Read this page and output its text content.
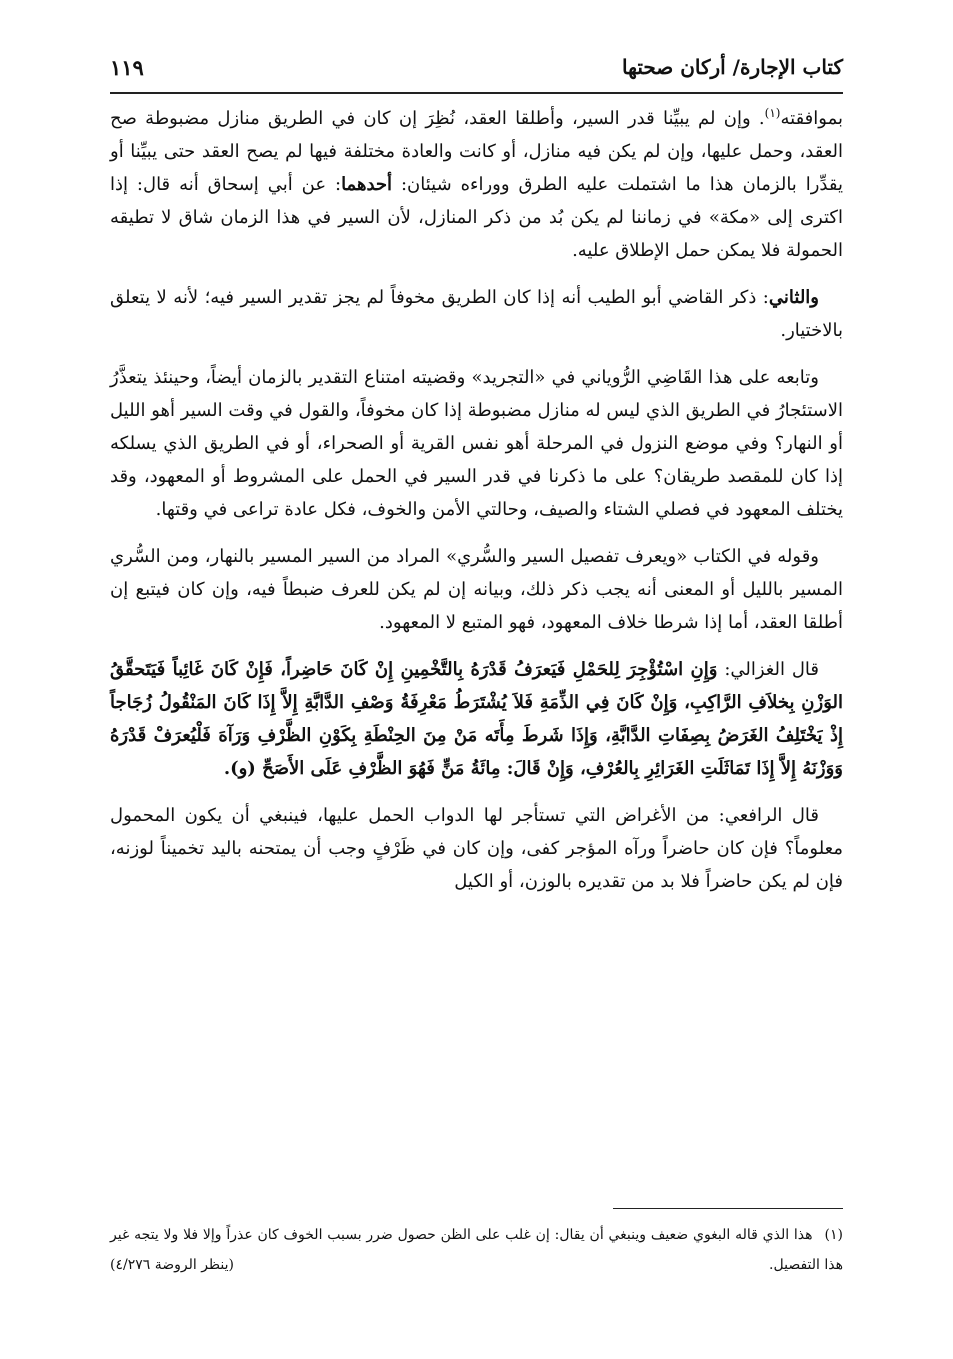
كتاب الإجارة/ أركان صحتها
١١٩

بموافقته$^{(١)}$. وإن لم يبيِّنا قدر السير، وأطلقا العقد، نُظِرَ إن كان في الطريق منازل مضبوطة صح العقد، وحمل عليها، وإن لم يكن فيه منازل، أو كانت والعادة مختلفة فيها لم يصح العقد حتى يبيِّنا أو يقدِّرا بالزمان هذا ما اشتملت عليه الطرق ووراءه شيئان: أحدهما: عن أبي إسحاق أنه قال: إذا اكترى إلى «مكة» في زماننا لم يكن بُد من ذكر المنازل، لأن السير في هذا الزمان شاق لا تطيقه الحمولة فلا يمكن حمل الإطلاق عليه.

والثاني: ذكر القاضي أبو الطيب أنه إذا كان الطريق مخوفاً لم يجز تقدير السير فيه؛ لأنه لا يتعلق بالاختيار.

وتابعه على هذا القَاضِي الرُّوياني في «التجريد» وقضيته امتناع التقدير بالزمان أيضاً، وحينئذ يتعذَّرُ الاستئجارُ في الطريق الذي ليس له منازل مضبوطة إذا كان مخوفاً، والقول في وقت السير أهو الليل أو النهار؟ وفي موضع النزول في المرحلة أهو نفس القرية أو الصحراء، أو في الطريق الذي يسلكه إذا كان للمقصد طريقان؟ على ما ذكرنا في قدر السير في الحمل على المشروط أو المعهود، وقد يختلف المعهود في فصلي الشتاء والصيف، وحالتي الأمن والخوف، فكل عادة تراعى في وقتها.

وقوله في الكتاب «ويعرف تفصيل السير والسُّري» المراد من السير المسير بالنهار، ومن السُّري المسير بالليل أو المعنى أنه يجب ذكر ذلك، وبيانه إن لم يكن للعرف ضبطاً فيه، وإن كان فيتبع إن أطلقا العقد، أما إذا شرطا خلاف المعهود، فهو المتبع لا المعهود.

قال الغزالي: وَإِنِ اسْتُؤْجِرَ لِلحَمْلِ فَيَعرَفُ قَدْرَهُ بِالتَّخْمِينِ إِنْ كَانَ حَاضِراً، فَإِنْ كَانَ غَائِباً فَيَتَحقَّقُ الوَزْنِ بِخلاَفِ الرَّاكِبِ، وَإِنْ كَانَ فِي الذِّمَةِ فَلاَ يُشْتَرَطُ مَعْرِفَةُ وَصْفِ الدَّابَّةِ إِلاَّ إِذَا كَانَ المَنْقُولُ زُجَاجاً إِذْ يَخْتَلِفُ الغَرَضُ بِصِفَاتِ الدَّابَّةِ، وَإِذَا شَرطَ مِأَتَه مَنْ مِنَ الحِنْطَةِ بِكَوْنِ الظَّرْفِ وَرَآهَ فَلْيُعرَفْ قَدْرَهُ وَوَزْنَهُ إِلاَّ إِذَا تَمَاثَلَتِ الغَرَائِرِ بِالعُرْفِ، وَإِنْ قَالَ: مِائَةُ مَنٍّ فَهُوَ الظَّرْفِ عَلَى الأَصَحِّ (و).

قال الرافعي: من الأغراض التي تستأجر لها الدواب الحمل عليها، فينبغي أن يكون المحمول معلوماً؟ فإن كان حاضراً ورآه المؤجر كفى، وإن كان في ظَرْفٍ وجب أن يمتحنه باليد تخميناً لوزنه، فإن لم يكن حاضراً فلا بد من تقديره بالوزن، أو الكيل

(١)هذا الذي قاله البغوي ضعيف وينبغي أن يقال: إن غلب على الظن حصول ضرر بسبب الخوف كان عذراً وإلا فلا ولا يتجه غير هذا التفصيل.
(ينظر الروضة ٤/٢٧٦)
